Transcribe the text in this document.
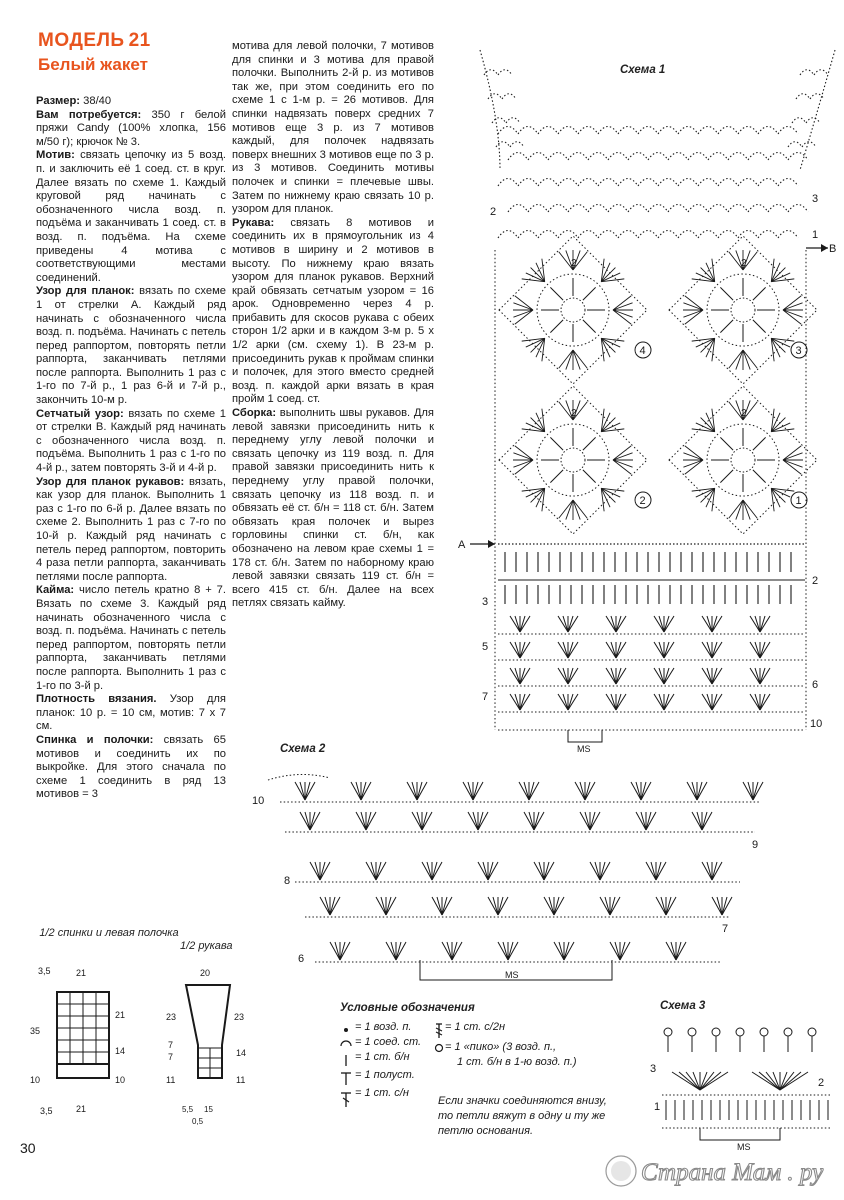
МОДЕЛЬ 21
Белый жакет

Размер: 38/40

Вам потребуется: 350 г белой пряжи Candy (100% хлопка, 156 м/50 г); крючок № 3.

Мотив: связать цепочку из 5 возд. п. и заключить её 1 соед. ст. в круг. Далее вязать по схеме 1. Каждый круговой ряд начинать с обозначенного числа возд. п. подъёма и заканчивать 1 соед. ст. в возд. п. подъёма. На схеме приведены 4 мотива с соответствующими местами соединений.

Узор для планок: вязать по схеме 1 от стрелки А. Каждый ряд начинать с обозначенного числа возд. п. подъёма. Начинать с петель перед раппортом, повторять петли раппорта, заканчивать петлями после раппорта. Выполнить 1 раз с 1-го по 7-й р., 1 раз 6-й и 7-й р., закончить 10-м р.

Сетчатый узор: вязать по схеме 1 от стрелки В. Каждый ряд начинать с обозначенного числа возд. п. подъёма. Выполнить 1 раз с 1-го по 4-й р., затем повторять 3-й и 4-й р.

Узор для планок рукавов: вязать, как узор для планок. Выполнить 1 раз с 1-го по 6-й р. Далее вязать по схеме 2. Выполнить 1 раз с 7-го по 10-й р. Каждый ряд начинать с петель перед раппортом, повторить 4 раза петли раппорта, заканчивать петлями после раппорта.

Кайма: число петель кратно 8 + 7. Вязать по схеме 3. Каждый ряд начинать обозначенного числа с возд. п. подъёма. Начинать с петель перед раппортом, повторять петли раппорта, заканчивать петлями после раппорта. Выполнить 1 раз с 1-го по 3-й р.

Плотность вязания. Узор для планок: 10 р. = 10 см, мотив: 7 х 7 см.

Спинка и полочки: связать 65 мотивов и соединить их по выкройке. Для этого сначала по схеме 1 соединить в ряд 13 мотивов = 3

мотива для левой полочки, 7 мотивов для спинки и 3 мотива для правой полочки. Выполнить 2-й р. из мотивов так же, при этом соединить его по схеме 1 с 1-м р. = 26 мотивов. Для спинки надвязать поверх средних 7 мотивов еще 3 р. из 7 мотивов каждый, для полочек надвязать поверх внешних 3 мотивов еще по 3 р. из 3 мотивов. Соединить мотивы полочек и спинки = плечевые швы. Затем по нижнему краю связать 10 р. узором для планок.

Рукава: связать 8 мотивов и соединить их в прямоугольник из 4 мотивов в ширину и 2 мотивов в высоту. По нижнему краю вязать узором для планок рукавов. Верхний край обвязать сетчатым узором = 16 арок. Одновременно через 4 р. прибавить для скосов рукава с обеих сторон 1/2 арки и в каждом 3-м р. 5 х 1/2 арки (см. схему 1). В 23-м р. присоединить рукав к проймам спинки и полочек, для этого вместо средней возд. п. каждой арки вязать в края пройм 1 соед. ст.

Сборка: выполнить швы рукавов. Для левой завязки присоединить нить к переднему углу левой полочки и связать цепочку из 119 возд. п. Для правой завязки присоединить нить к переднему углу правой полочки, связать цепочку из 118 возд. п. и обвязать её ст. б/н = 118 ст. б/н. Затем обвязать края полочек и вырез горловины спинки ст. б/н, как обозначено на левом крае схемы 1 = 178 ст. б/н. Затем по наборному краю левой завязки связать 119 ст. б/н = всего 415 ст. б/н. Далее на всех петлях связать кайму.

4
2
3
2
2
2
1
2
MS
А
В
3
1
2
2
6
10
3
5
7
MS
10
8
6
9
7
MS
3
1
2
3,5	21
35
21
14
10	10
3,5	21
20
23	23
7
7	14
11	11
5,5 15
0,5
Схема 1
Схема 2
Схема 3
1/2 спинки и левая полочка
1/2 рукава
Условные обозначения
= 1 возд. п.
= 1 соед. ст.
= 1 ст. б/н
= 1 полуст.
= 1 ст. с/н
= 1 ст. с/2н
= 1 «пико» (3 возд. п.,
1 ст. б/н в 1-ю возд. п.)
Если значки соединяются внизу,
то петли вяжут в одну и ту же
петлю основания.
30
Страна Мам . ру
